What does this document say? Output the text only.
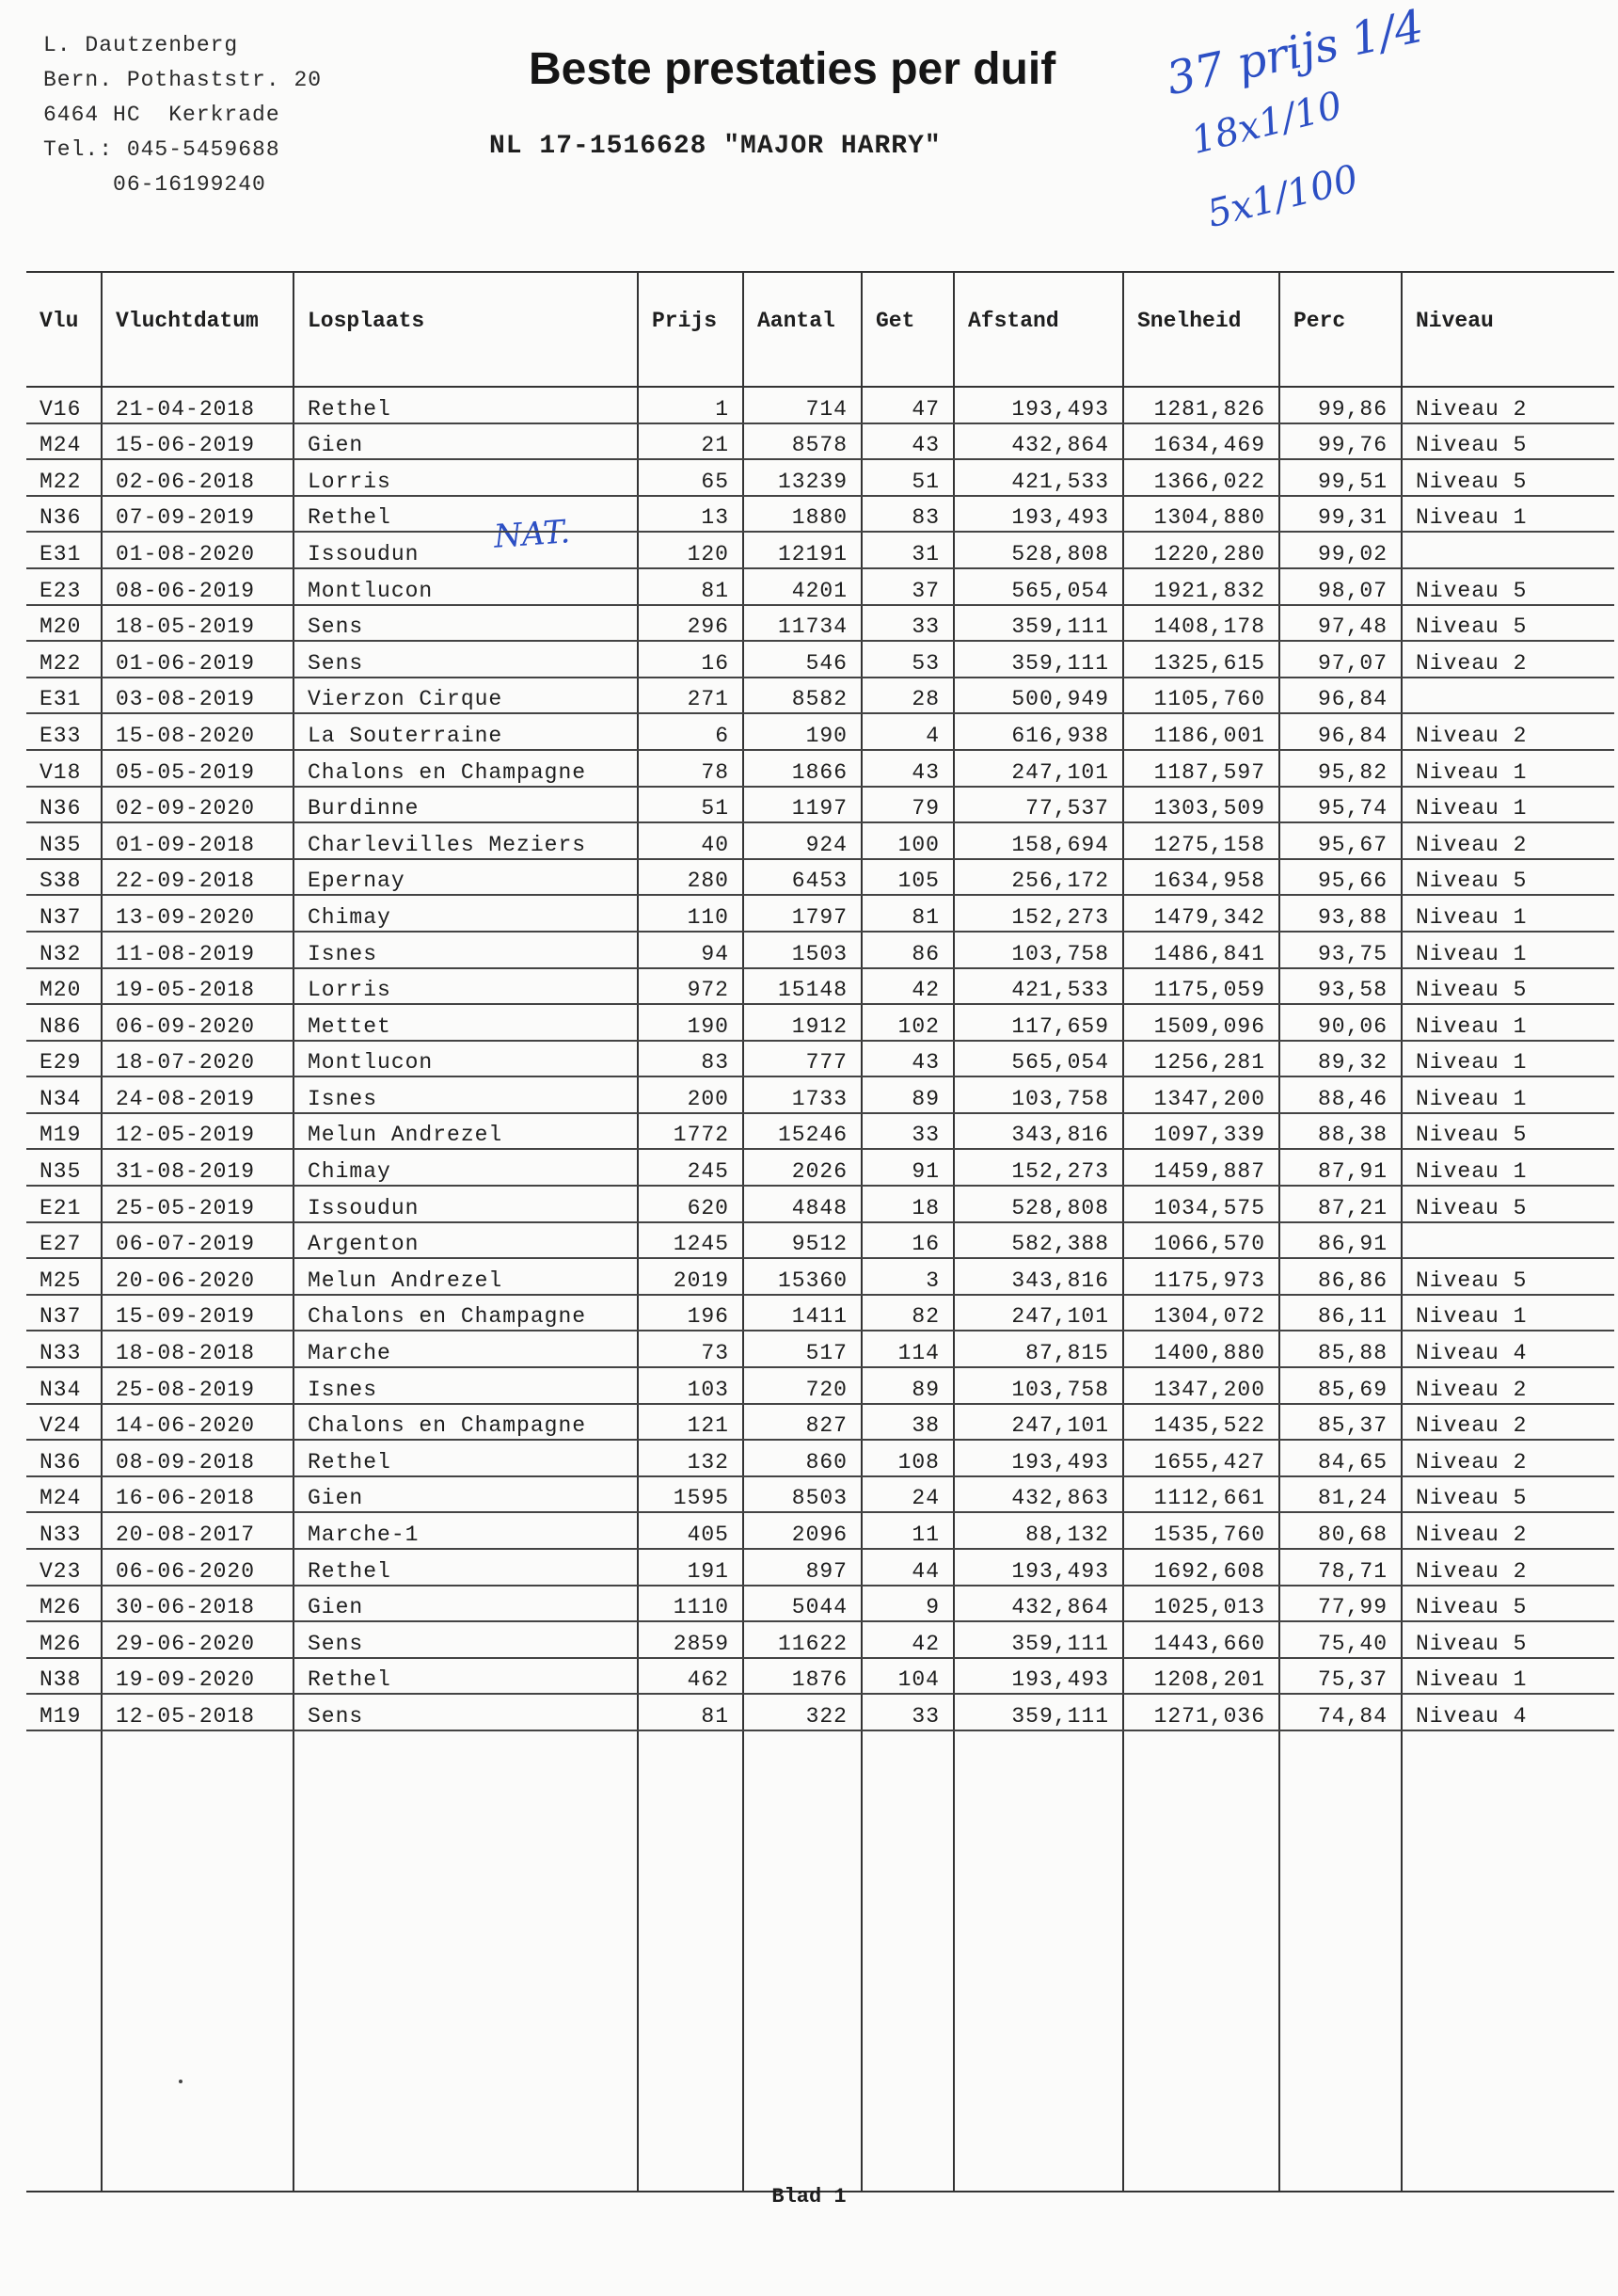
L. Dautzenberg
Bern. Pothaststr. 20
6464 HC  Kerkrade
Tel.: 045-5459688
06-16199240
Beste prestaties per duif
NL 17-1516628 "MAJOR HARRY"
37 prijs 1/4
18x1/10
5x1/100
NAT.
Vlu	Vluchtdatum	Losplaats	Prijs	Aantal	Get	Afstand	Snelheid	Perc	Niveau
V16	21-04-2018	Rethel	1	714	47	193,493	1281,826	99,86	Niveau 2
M24	15-06-2019	Gien	21	8578	43	432,864	1634,469	99,76	Niveau 5
M22	02-06-2018	Lorris	65	13239	51	421,533	1366,022	99,51	Niveau 5
N36	07-09-2019	Rethel	13	1880	83	193,493	1304,880	99,31	Niveau 1
E31	01-08-2020	Issoudun	120	12191	31	528,808	1220,280	99,02	
E23	08-06-2019	Montlucon	81	4201	37	565,054	1921,832	98,07	Niveau 5
M20	18-05-2019	Sens	296	11734	33	359,111	1408,178	97,48	Niveau 5
M22	01-06-2019	Sens	16	546	53	359,111	1325,615	97,07	Niveau 2
E31	03-08-2019	Vierzon Cirque	271	8582	28	500,949	1105,760	96,84	
E33	15-08-2020	La Souterraine	6	190	4	616,938	1186,001	96,84	Niveau 2
V18	05-05-2019	Chalons en Champagne	78	1866	43	247,101	1187,597	95,82	Niveau 1
N36	02-09-2020	Burdinne	51	1197	79	77,537	1303,509	95,74	Niveau 1
N35	01-09-2018	Charlevilles Meziers	40	924	100	158,694	1275,158	95,67	Niveau 2
S38	22-09-2018	Epernay	280	6453	105	256,172	1634,958	95,66	Niveau 5
N37	13-09-2020	Chimay	110	1797	81	152,273	1479,342	93,88	Niveau 1
N32	11-08-2019	Isnes	94	1503	86	103,758	1486,841	93,75	Niveau 1
M20	19-05-2018	Lorris	972	15148	42	421,533	1175,059	93,58	Niveau 5
N86	06-09-2020	Mettet	190	1912	102	117,659	1509,096	90,06	Niveau 1
E29	18-07-2020	Montlucon	83	777	43	565,054	1256,281	89,32	Niveau 1
N34	24-08-2019	Isnes	200	1733	89	103,758	1347,200	88,46	Niveau 1
M19	12-05-2019	Melun Andrezel	1772	15246	33	343,816	1097,339	88,38	Niveau 5
N35	31-08-2019	Chimay	245	2026	91	152,273	1459,887	87,91	Niveau 1
E21	25-05-2019	Issoudun	620	4848	18	528,808	1034,575	87,21	Niveau 5
E27	06-07-2019	Argenton	1245	9512	16	582,388	1066,570	86,91	
M25	20-06-2020	Melun Andrezel	2019	15360	3	343,816	1175,973	86,86	Niveau 5
N37	15-09-2019	Chalons en Champagne	196	1411	82	247,101	1304,072	86,11	Niveau 1
N33	18-08-2018	Marche	73	517	114	87,815	1400,880	85,88	Niveau 4
N34	25-08-2019	Isnes	103	720	89	103,758	1347,200	85,69	Niveau 2
V24	14-06-2020	Chalons en Champagne	121	827	38	247,101	1435,522	85,37	Niveau 2
N36	08-09-2018	Rethel	132	860	108	193,493	1655,427	84,65	Niveau 2
M24	16-06-2018	Gien	1595	8503	24	432,863	1112,661	81,24	Niveau 5
N33	20-08-2017	Marche-1	405	2096	11	88,132	1535,760	80,68	Niveau 2
V23	06-06-2020	Rethel	191	897	44	193,493	1692,608	78,71	Niveau 2
M26	30-06-2018	Gien	1110	5044	9	432,864	1025,013	77,99	Niveau 5
M26	29-06-2020	Sens	2859	11622	42	359,111	1443,660	75,40	Niveau 5
N38	19-09-2020	Rethel	462	1876	104	193,493	1208,201	75,37	Niveau 1
M19	12-05-2018	Sens	81	322	33	359,111	1271,036	74,84	Niveau 4

Blad 1
